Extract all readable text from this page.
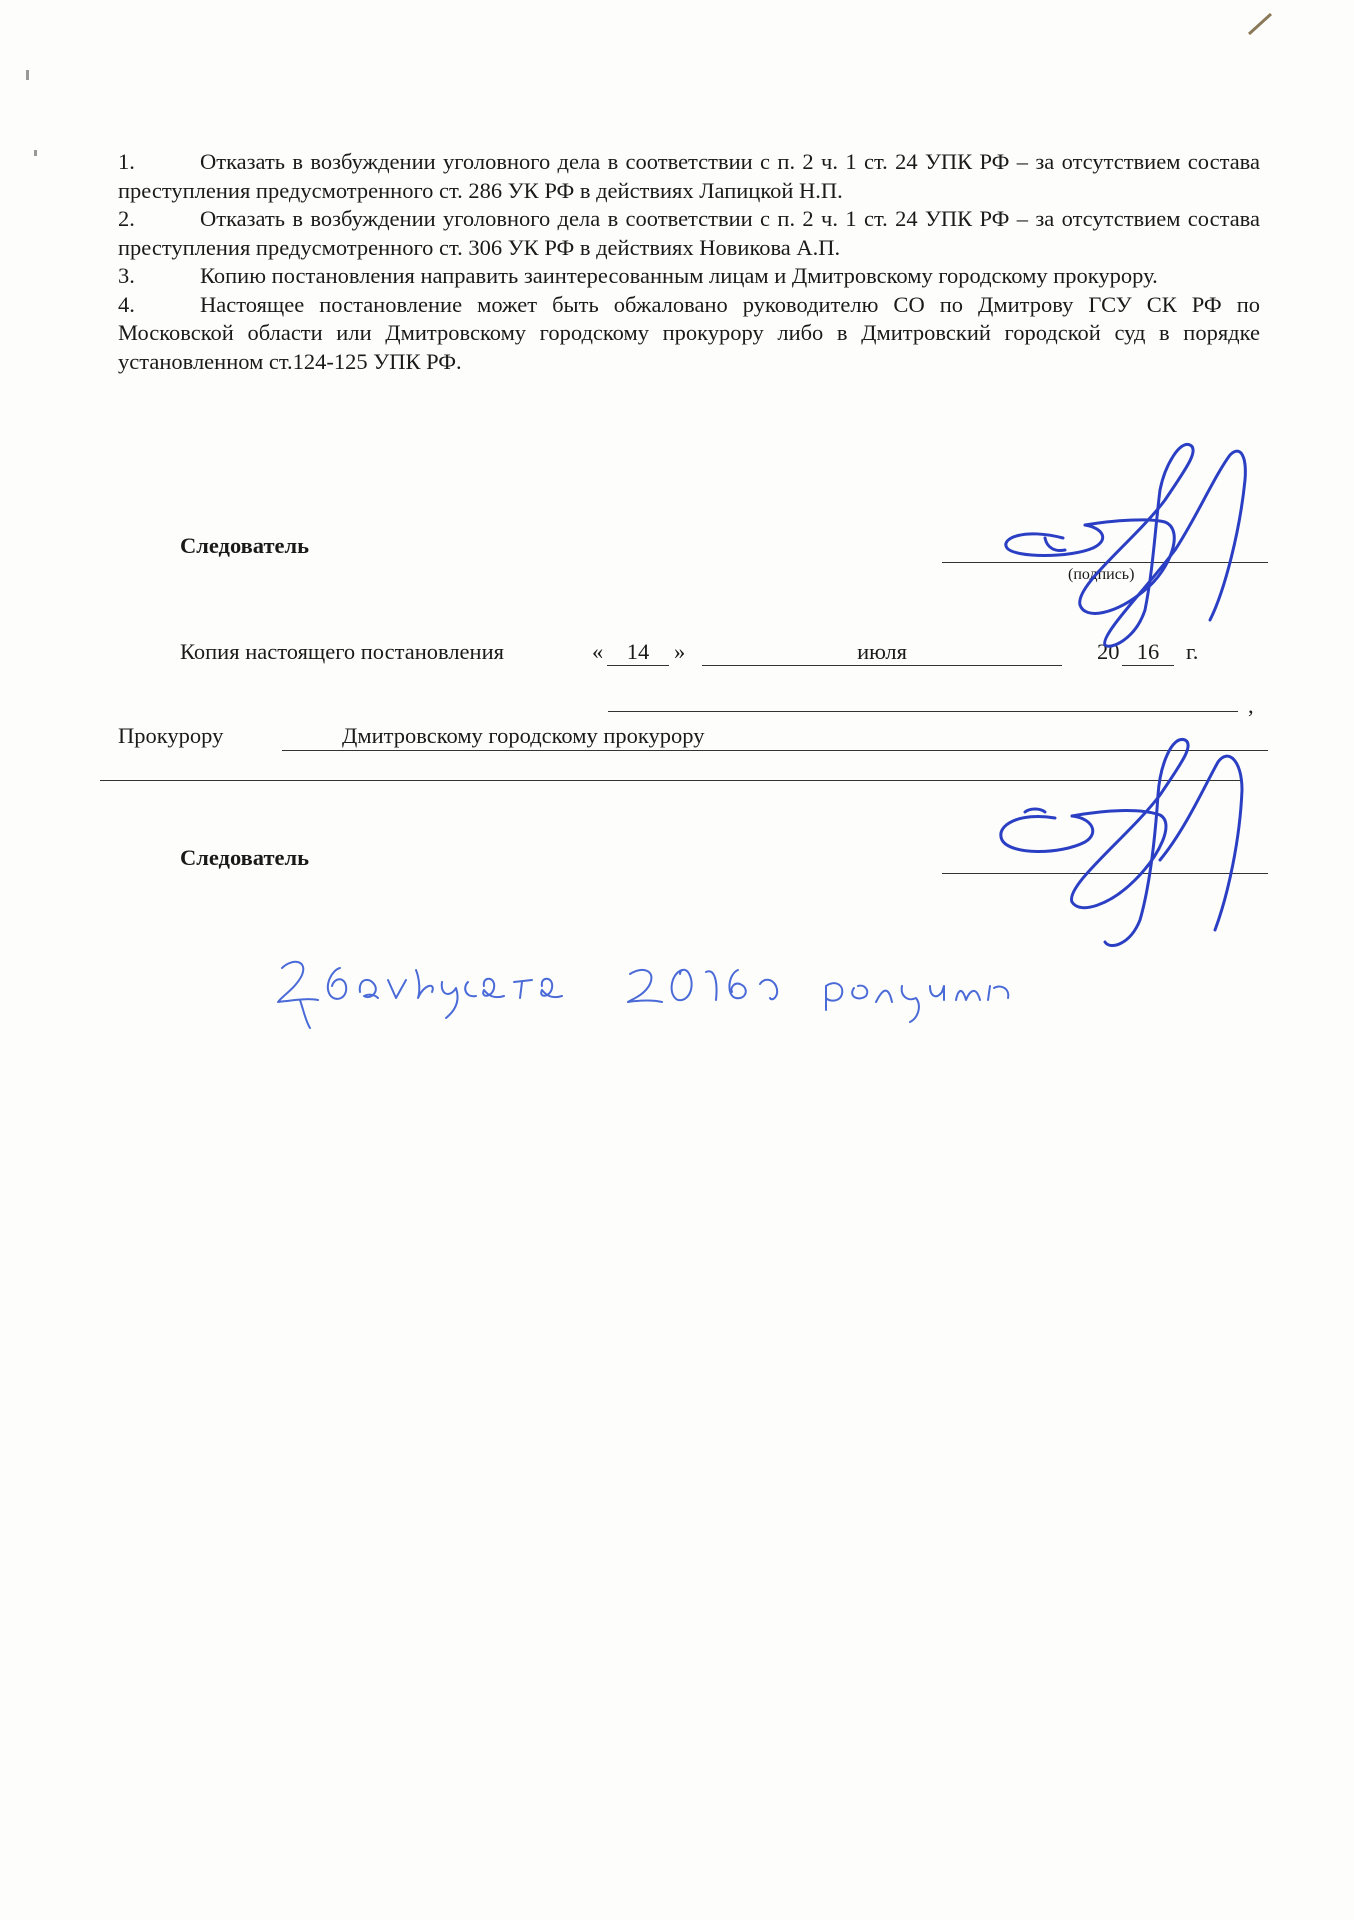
1.	Отказать в возбуждении уголовного дела в соответствии с п. 2 ч. 1 ст. 24 УПК РФ – за отсутствием состава преступления предусмотренного ст. 286 УК РФ в действиях Лапицкой Н.П.

2.	Отказать в возбуждении уголовного дела в соответствии с п. 2 ч. 1 ст. 24 УПК РФ – за отсутствием состава преступления предусмотренного ст. 306 УК РФ в действиях Новикова А.П.

3.	Копию постановления направить заинтересованным лицам и Дмитровскому городскому прокурору.

4.	Настоящее постановление может быть обжаловано руководителю СО по Дмитрову ГСУ СК РФ по Московской области или Дмитровскому городскому прокурору либо в Дмитровский городской суд в порядке установленном ст.124-125 УПК РФ.

Следователь
(подпись)
Копия настоящего постановления	«	14	»	июля	20 16	г.
,
Прокурору	Дмитровскому городскому прокурору
Следователь
